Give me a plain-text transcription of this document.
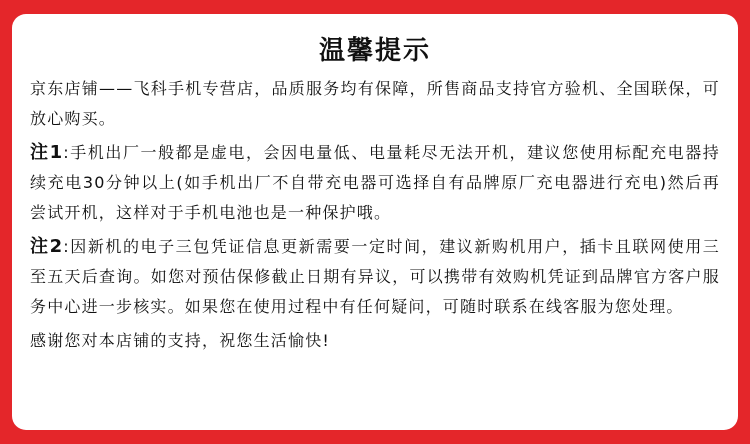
温馨提示

京东店铺——飞科手机专营店，品质服务均有保障，所售商品支持官方验机、全国联保，可放心购买。

注1:手机出厂一般都是虚电，会因电量低、电量耗尽无法开机，建议您使用标配充电器持续充电30分钟以上(如手机出厂不自带充电器可选择自有品牌原厂充电器进行充电)然后再尝试开机，这样对于手机电池也是一种保护哦。

注2:因新机的电子三包凭证信息更新需要一定时间，建议新购机用户，插卡且联网使用三至五天后查询。如您对预估保修截止日期有异议，可以携带有效购机凭证到品牌官方客户服务中心进一步核实。如果您在使用过程中有任何疑问，可随时联系在线客服为您处理。

感谢您对本店铺的支持，祝您生活愉快!
